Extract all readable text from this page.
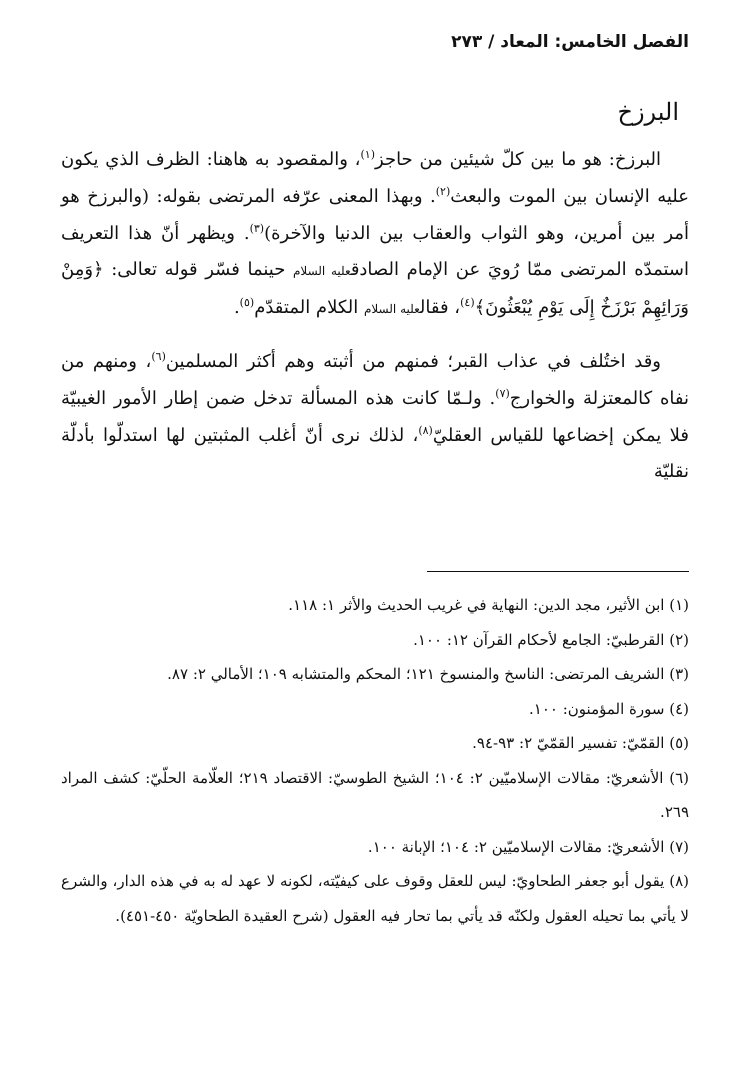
الفصل الخامس: المعاد / ٢٧٣
البرزخ

البرزخ: هو ما بين كلّ شيئين من حاجز$^{(١)}$، والمقصود به هاهنا: الظرف الذي يكون عليه الإنسان بين الموت والبعث$^{(٢)}$. وبهذا المعنى عرّفه المرتضى بقوله: (والبرزخ هو أمر بين أمرين، وهو الثواب والعقاب بين الدنيا والآخرة)$^{(٣)}$. ويظهر أنّ هذا التعريف استمدّه المرتضى ممّا رُويَ عن الإمام الصادقعليه السلام حينما فسّر قوله تعالى: ﴿وَمِنْ وَرَائِهِمْ بَرْزَخٌ إِلَى يَوْمِ يُبْعَثُونَ﴾$^{(٤)}$، فقالعليه السلام الكلام المتقدّم$^{(٥)}$.

وقد اختُلف في عذاب القبر؛ فمنهم من أثبته وهم أكثر المسلمين$^{(٦)}$، ومنهم من نفاه كالمعتزلة والخوارج$^{(٧)}$. ولـمّا كانت هذه المسألة تدخل ضمن إطار الأمور الغيبيّة فلا يمكن إخضاعها للقياس العقليّ$^{(٨)}$، لذلك نرى أنّ أغلب المثبتين لها استدلّوا بأدلّة نقليّة

(١) ابن الأثير، مجد الدين: النهاية في غريب الحديث والأثر ١: ١١٨.

(٢) القرطبيّ: الجامع لأحكام القرآن ١٢: ١٠٠.

(٣) الشريف المرتضى: الناسخ والمنسوخ ١٢١؛ المحكم والمتشابه ١٠٩؛ الأمالي ٢: ٨٧.

(٤) سورة المؤمنون: ١٠٠.

(٥) القمّيّ: تفسير القمّيّ ٢: ٩٣-٩٤.

(٦) الأشعريّ: مقالات الإسلاميّين ٢: ١٠٤؛ الشيخ الطوسيّ: الاقتصاد ٢١٩؛ العلّامة الحلّيّ: كشف المراد ٢٦٩.

(٧) الأشعريّ: مقالات الإسلاميّين ٢: ١٠٤؛ الإبانة ١٠٠.

(٨) يقول أبو جعفر الطحاويّ: ليس للعقل وقوف على كيفيّته، لكونه لا عهد له به في هذه الدار، والشرع لا يأتي بما تحيله العقول ولكنّه قد يأتي بما تحار فيه العقول (شرح العقيدة الطحاويّة ٤٥٠-٤٥١).
